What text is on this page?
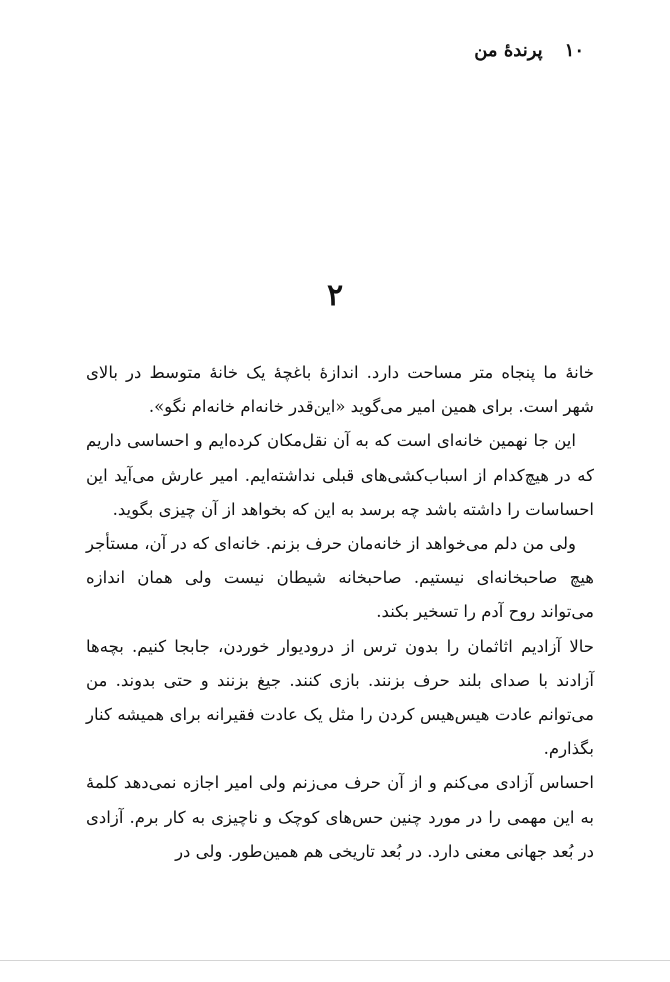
۱۰
پرندهٔ من
۲

خانهٔ ما پنجاه متر مساحت دارد. اندازهٔ باغچهٔ یک خانهٔ متوسط در بالای شهر است. برای همین امیر می‌گوید «این‌قدر خانه‌ام خانه‌ام نگو».

این جا نهمین خانه‌ای است که به آن نقل‌مکان کرده‌ایم و احساسی داریم که در هیچ‌کدام از اسباب‌کشی‌های قبلی نداشته‌ایم. امیر عارش می‌آید این احساسات را داشته باشد چه برسد به این که بخواهد از آن چیزی بگوید.

ولی من دلم می‌خواهد از خانه‌مان حرف بزنم. خانه‌ای که در آن، مستأجر هیچ صاحبخانه‌ای نیستیم. صاحبخانه شیطان نیست ولی همان اندازه می‌تواند روح آدم را تسخیر بکند.

حالا آزادیم اثاثمان را بدون ترس از درودیوار خوردن، جابجا کنیم. بچه‌ها آزادند با صدای بلند حرف بزنند. بازی کنند. جیغ بزنند و حتی بدوند. من می‌توانم عادت هیس‌هیس کردن را مثل یک عادت فقیرانه برای همیشه کنار بگذارم.

احساس آزادی می‌کنم و از آن حرف می‌زنم ولی امیر اجازه نمی‌دهد کلمهٔ به این مهمی را در مورد چنین حس‌های کوچک و ناچیزی به کار برم. آزادی در بُعد جهانی معنی دارد. در بُعد تاریخی هم همین‌طور. ولی در
